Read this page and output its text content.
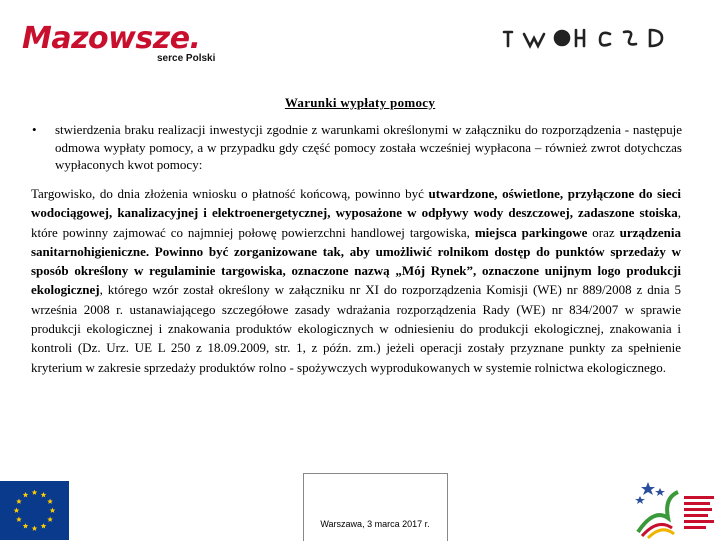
Mazowsze.
serce Polski
Warunki wypłaty pomocy
• stwierdzenia braku realizacji inwestycji zgodnie z warunkami określonymi w załączniku do rozporządzenia - następuje odmowa wypłaty pomocy, a w przypadku gdy część pomocy została wcześniej wypłacona – również zwrot dotychczas wypłaconych kwot pomocy:
Targowisko, do dnia złożenia wniosku o płatność końcową, powinno być utwardzone, oświetlone, przyłączone do sieci wodociągowej, kanalizacyjnej i elektroenergetycznej, wyposażone w odpływy wody deszczowej, zadaszone stoiska, które powinny zajmować co najmniej połowę powierzchni handlowej targowiska, miejsca parkingowe oraz urządzenia sanitarnohigieniczne. Powinno być zorganizowane tak, aby umożliwić rolnikom dostęp do punktów sprzedaży w sposób określony w regulaminie targowiska, oznaczone nazwą „Mój Rynek”, oznaczone unijnym logo produkcji ekologicznej, którego wzór został określony w załączniku nr XI do rozporządzenia Komisji (WE) nr 889/2008 z dnia 5 września 2008 r. ustanawiającego szczegółowe zasady wdrażania rozporządzenia Rady (WE) nr 834/2007 w sprawie produkcji ekologicznej i znakowania produktów ekologicznych w odniesieniu do produkcji ekologicznej, znakowania i kontroli (Dz. Urz. UE L 250 z 18.09.2009, str. 1, z późn. zm.) jeżeli operacji zostały przyznane punkty za spełnienie kryterium w zakresie sprzedaży produktów rolno - spożywczych wyprodukowanych w systemie rolnictwa ekologicznego.
Warszawa, 3 marca 2017 r.
